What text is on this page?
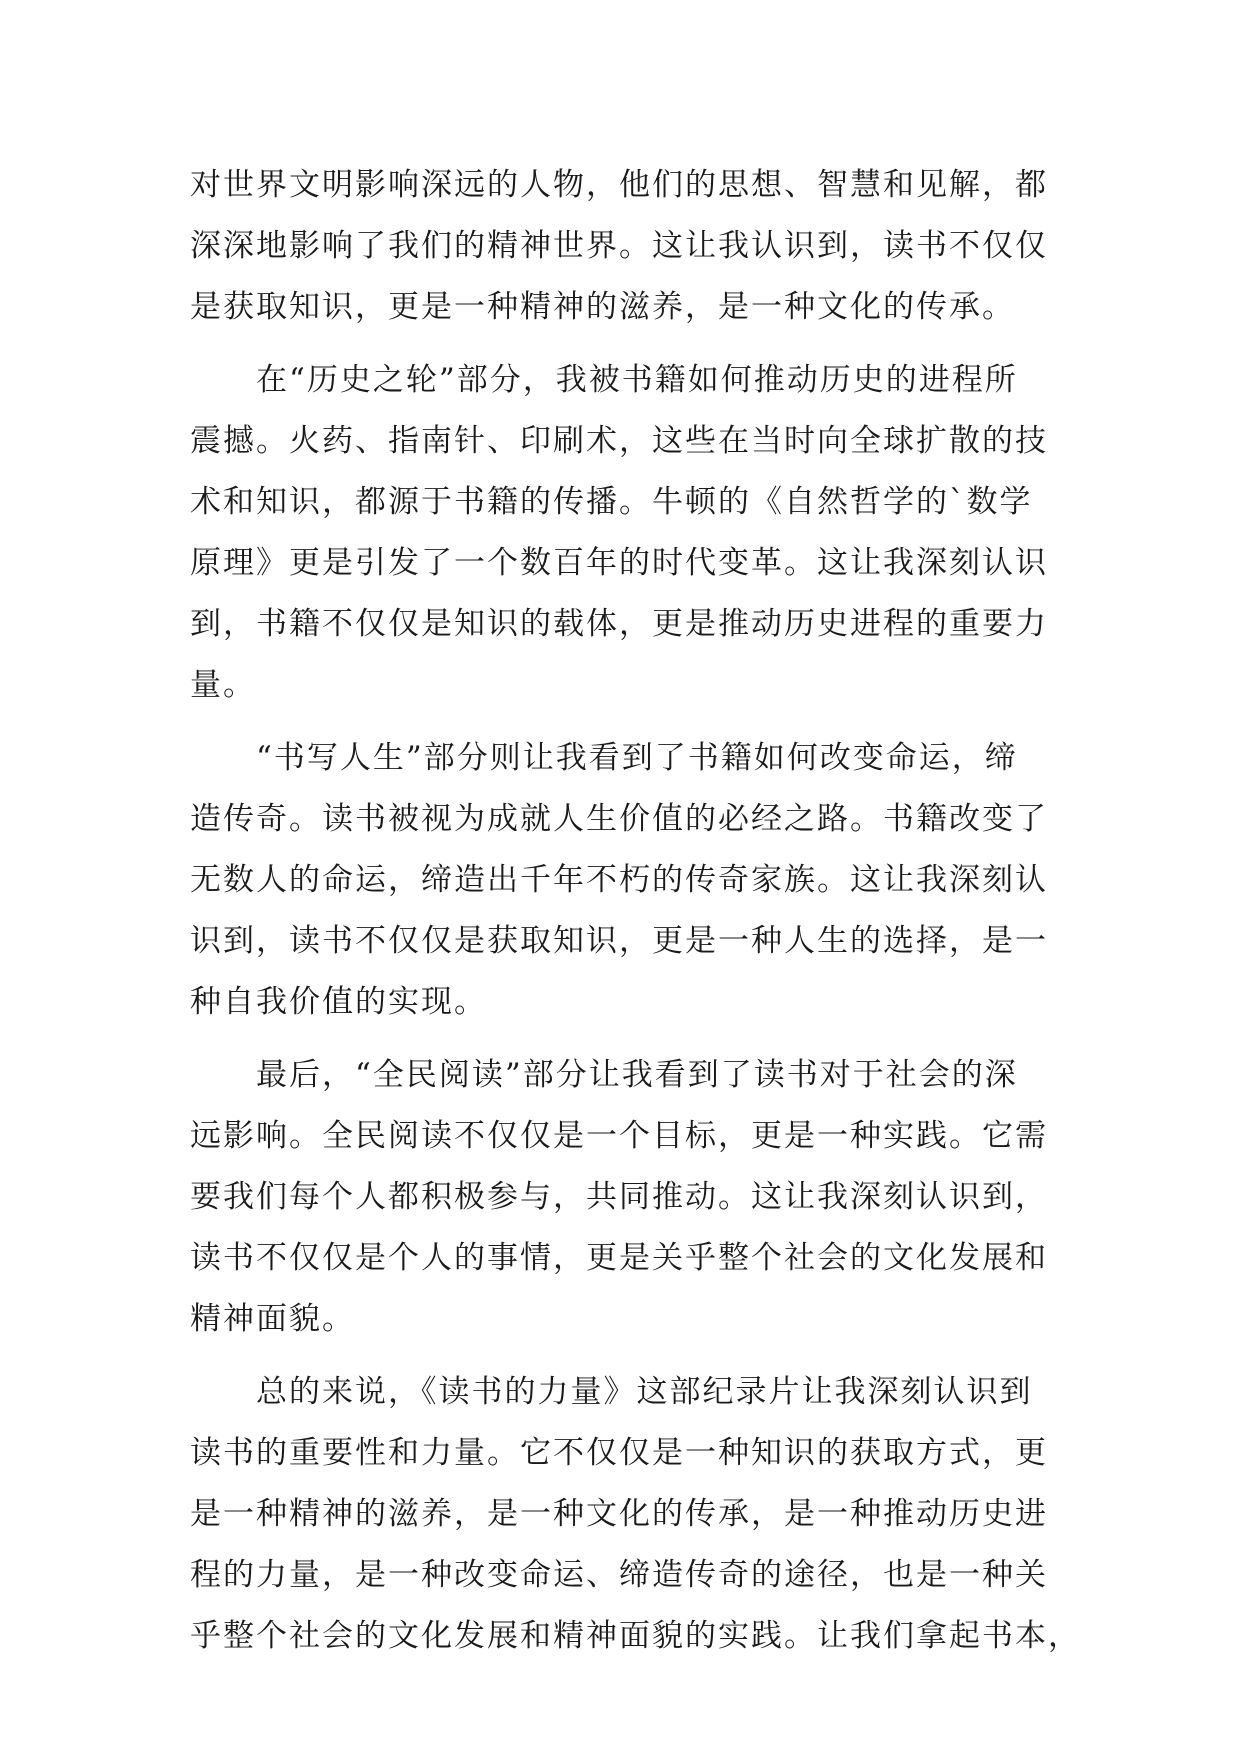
对世界文明影响深远的人物，他们的思想、智慧和见解，都
深深地影响了我们的精神世界。这让我认识到，读书不仅仅
是获取知识，更是一种精神的滋养，是一种文化的传承。
　　在“历史之轮”部分，我被书籍如何推动历史的进程所
震撼。火药、指南针、印刷术，这些在当时向全球扩散的技
术和知识，都源于书籍的传播。牛顿的《自然哲学的`数学
原理》更是引发了一个数百年的时代变革。这让我深刻认识
到，书籍不仅仅是知识的载体，更是推动历史进程的重要力
量。
　　“书写人生”部分则让我看到了书籍如何改变命运，缔
造传奇。读书被视为成就人生价值的必经之路。书籍改变了
无数人的命运，缔造出千年不朽的传奇家族。这让我深刻认
识到，读书不仅仅是获取知识，更是一种人生的选择，是一
种自我价值的实现。
　　最后，“全民阅读”部分让我看到了读书对于社会的深
远影响。全民阅读不仅仅是一个目标，更是一种实践。它需
要我们每个人都积极参与，共同推动。这让我深刻认识到，
读书不仅仅是个人的事情，更是关乎整个社会的文化发展和
精神面貌。
　　总的来说，《读书的力量》这部纪录片让我深刻认识到
读书的重要性和力量。它不仅仅是一种知识的获取方式，更
是一种精神的滋养，是一种文化的传承，是一种推动历史进
程的力量，是一种改变命运、缔造传奇的途径，也是一种关
乎整个社会的文化发展和精神面貌的实践。让我们拿起书本，
